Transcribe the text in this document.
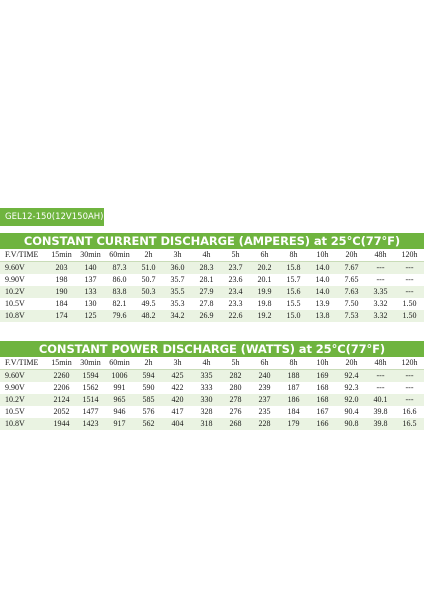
GEL12-150(12V150AH)
CONSTANT CURRENT DISCHARGE (AMPERES) at 25°C(77°F)
F.V/TIME	15min	30min	60min	2h	3h	4h	5h	6h	8h	10h	20h	48h	120h
9.60V	203	140	87.3	51.0	36.0	28.3	23.7	20.2	15.8	14.0	7.67	---	---
9.90V	198	137	86.0	50.7	35.7	28.1	23.6	20.1	15.7	14.0	7.65	---	---
10.2V	190	133	83.8	50.3	35.5	27.9	23.4	19.9	15.6	14.0	7.63	3.35	---
10.5V	184	130	82.1	49.5	35.3	27.8	23.3	19.8	15.5	13.9	7.50	3.32	1.50
10.8V	174	125	79.6	48.2	34.2	26.9	22.6	19.2	15.0	13.8	7.53	3.32	1.50
CONSTANT POWER DISCHARGE (WATTS) at 25°C(77°F)
F.V/TIME	15min	30min	60min	2h	3h	4h	5h	6h	8h	10h	20h	48h	120h
9.60V	2260	1594	1006	594	425	335	282	240	188	169	92.4	---	---
9.90V	2206	1562	991	590	422	333	280	239	187	168	92.3	---	---
10.2V	2124	1514	965	585	420	330	278	237	186	168	92.0	40.1	---
10.5V	2052	1477	946	576	417	328	276	235	184	167	90.4	39.8	16.6
10.8V	1944	1423	917	562	404	318	268	228	179	166	90.8	39.8	16.5
